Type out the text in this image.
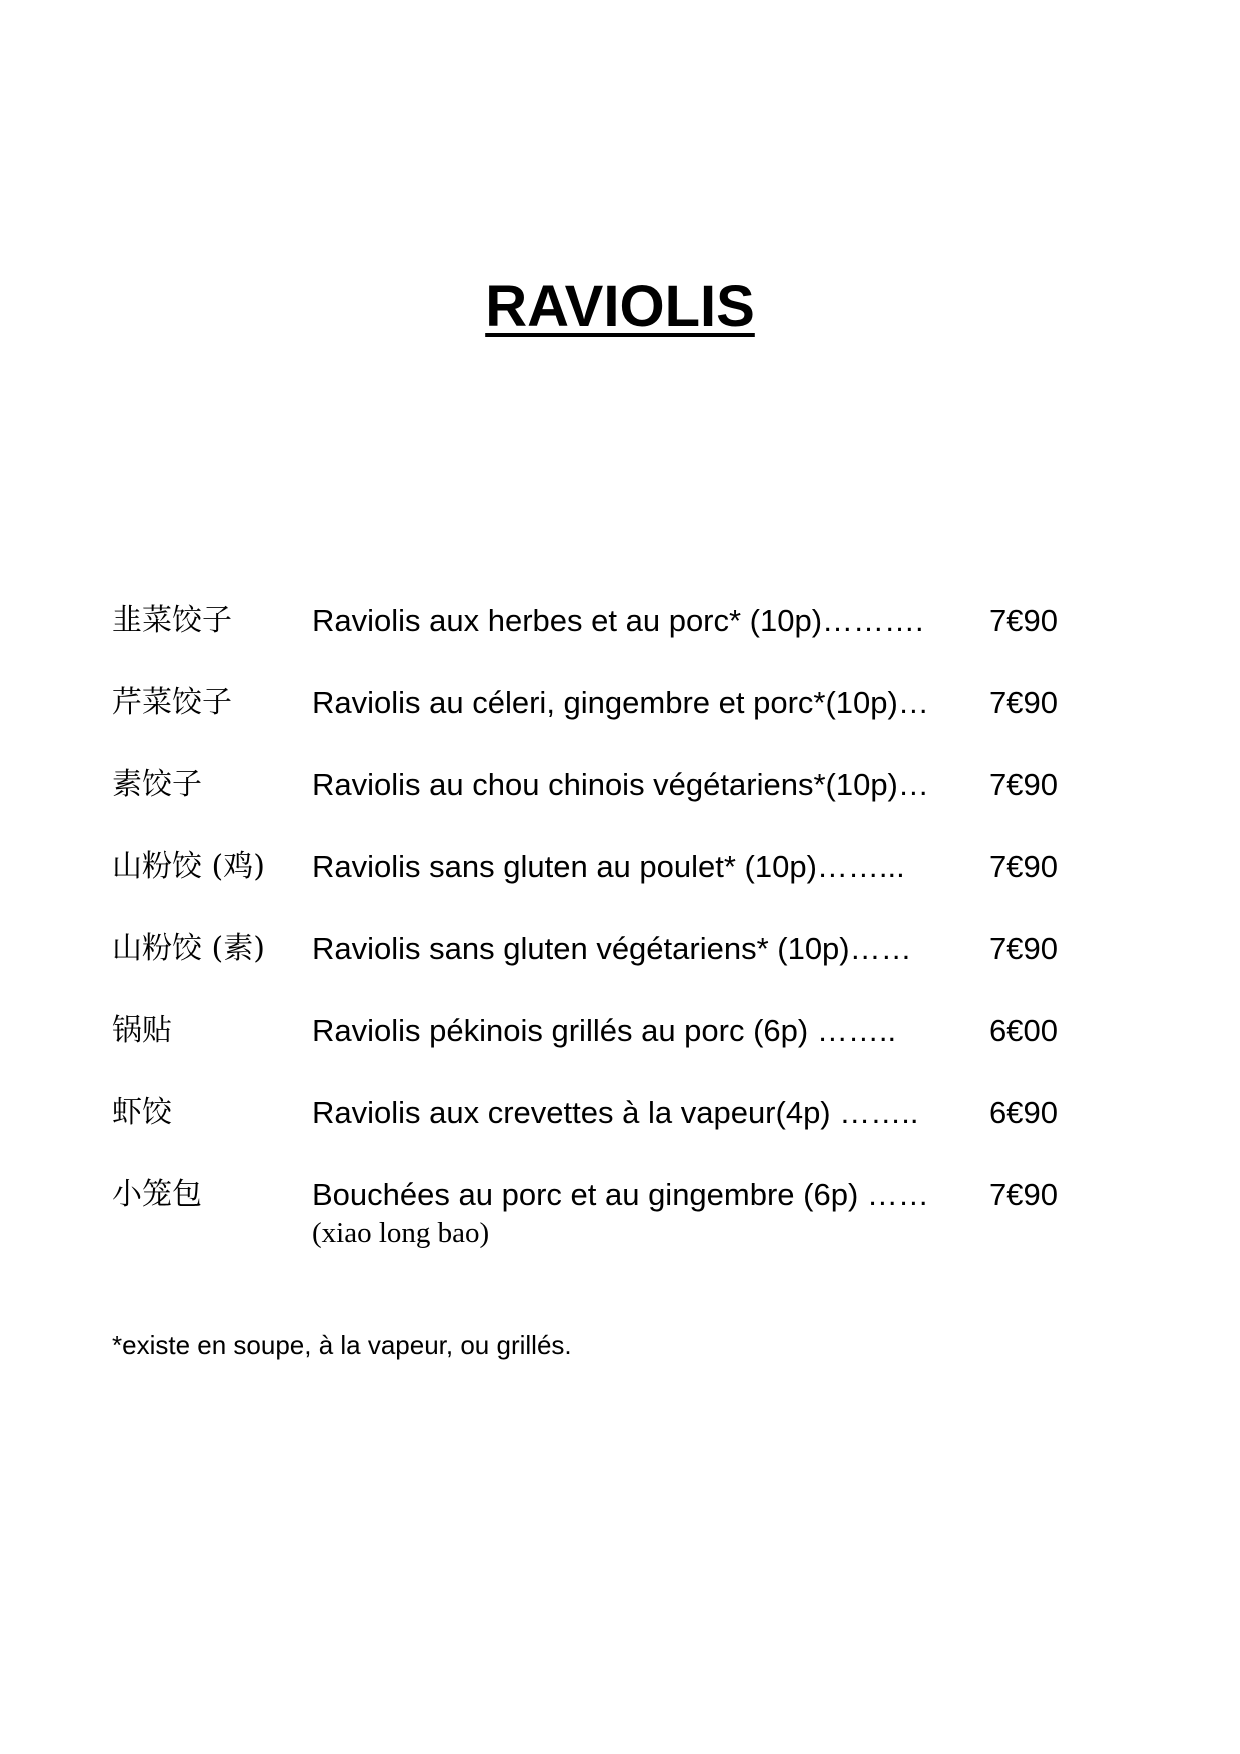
RAVIOLIS
韭菜饺子	Raviolis aux herbes et au porc* (10p)………. 7€90
芹菜饺子	Raviolis au céleri, gingembre et porc*(10p)… 7€90
素饺子	Raviolis au chou chinois végétariens*(10p)… 7€90
山粉饺 (鸡) Raviolis sans gluten au poulet* (10p)……...	7€90
山粉饺 (素) Raviolis sans gluten végétariens* (10p)…… 7€90
锅贴	Raviolis pékinois grillés au porc (6p) ……..	6€00
虾饺	Raviolis aux crevettes à la vapeur(4p) …….. 6€90
小笼包	Bouchées au porc et au gingembre (6p) …… 7€90
(xiao long bao)
*existe en soupe, à la vapeur, ou grillés.
